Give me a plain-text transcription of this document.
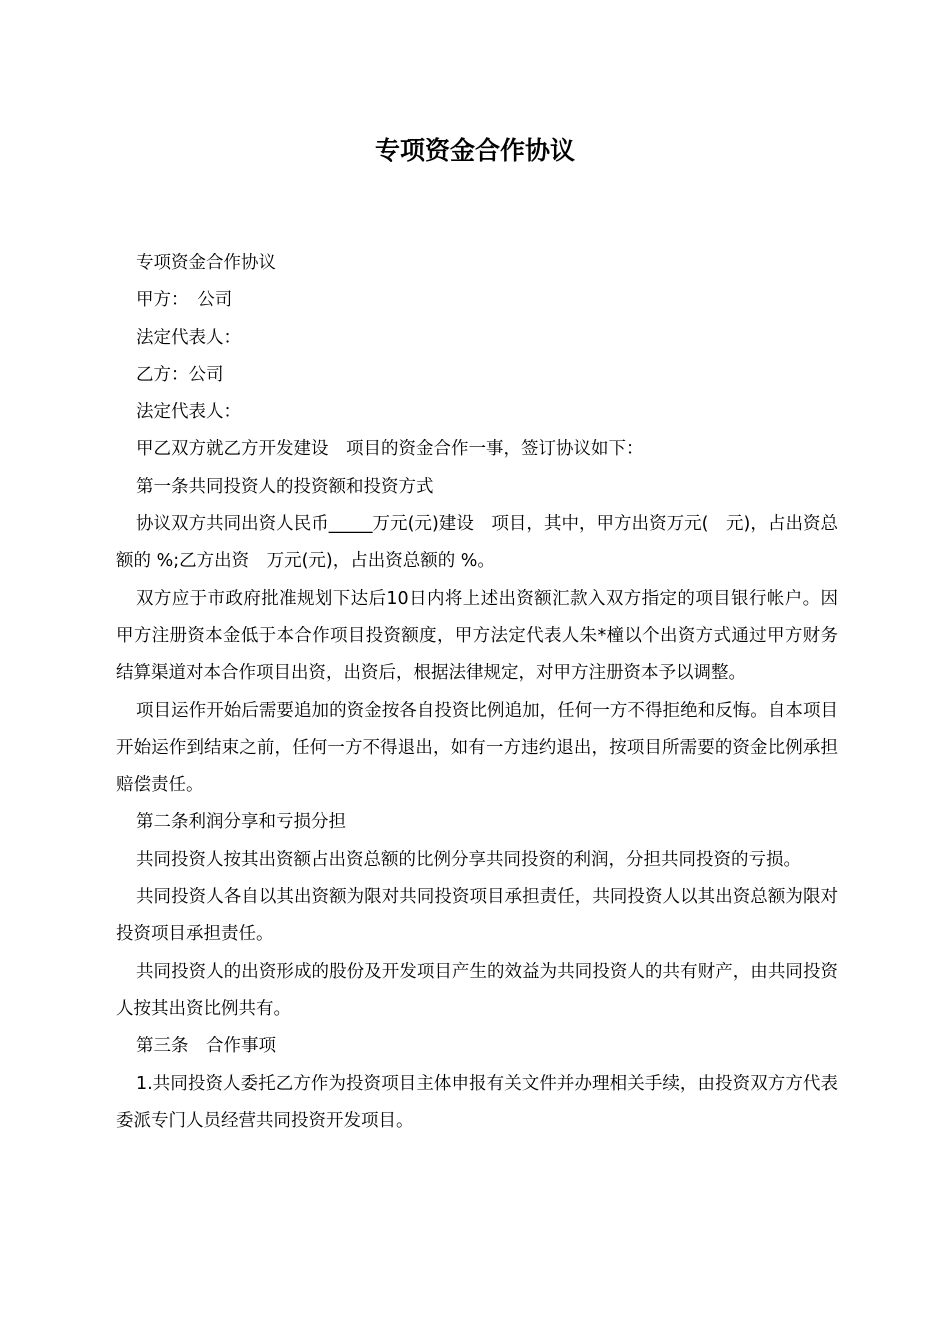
专项资金合作协议

专项资金合作协议

甲方：　公司

法定代表人：

乙方：公司

法定代表人：

甲乙双方就乙方开发建设　项目的资金合作一事，签订协议如下：

第一条共同投资人的投资额和投资方式

协议双方共同出资人民币_____万元(元)建设　项目，其中，甲方出资万元(　元)，占出资总额的 %;乙方出资　万元(元)，占出资总额的 %。

双方应于市政府批准规划下达后10日内将上述出资额汇款入双方指定的项目银行帐户。因甲方注册资本金低于本合作项目投资额度，甲方法定代表人朱*橦以个出资方式通过甲方财务结算渠道对本合作项目出资，出资后，根据法律规定，对甲方注册资本予以调整。

项目运作开始后需要追加的资金按各自投资比例追加，任何一方不得拒绝和反悔。自本项目开始运作到结束之前，任何一方不得退出，如有一方违约退出，按项目所需要的资金比例承担赔偿责任。

第二条利润分享和亏损分担

共同投资人按其出资额占出资总额的比例分享共同投资的利润，分担共同投资的亏损。

共同投资人各自以其出资额为限对共同投资项目承担责任，共同投资人以其出资总额为限对投资项目承担责任。

共同投资人的出资形成的股份及开发项目产生的效益为共同投资人的共有财产，由共同投资人按其出资比例共有。

第三条　合作事项

1.共同投资人委托乙方作为投资项目主体申报有关文件并办理相关手续，由投资双方方代表委派专门人员经营共同投资开发项目。
